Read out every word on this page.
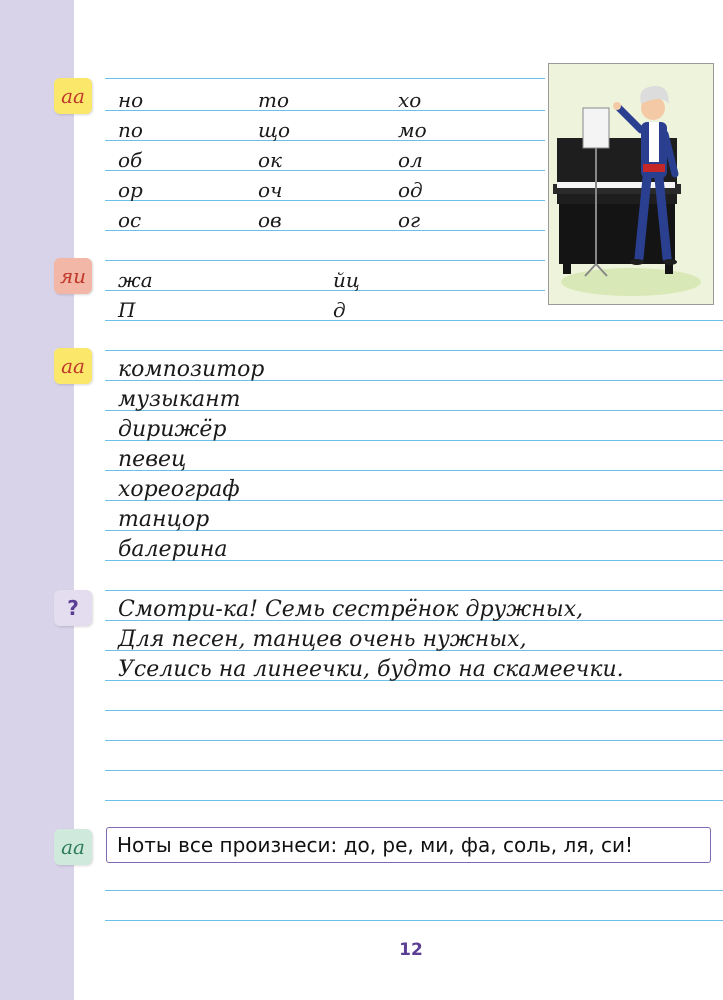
аа
яи
аа
?
аа
но
по
об
ор
ос
то
що
ок
оч
ов
хо
мо
ол
од
ог
жа
П
йц
д
композитор
музыкант
дирижёр
певец
хореограф
танцор
балерина
Смотри-ка! Семь сестрёнок дружных,
Для песен, танцев очень нужных,
Уселись на линеечки, будто на скамеечки.
Ноты все произнеси: до, ре, ми, фа, соль, ля, си!
12
